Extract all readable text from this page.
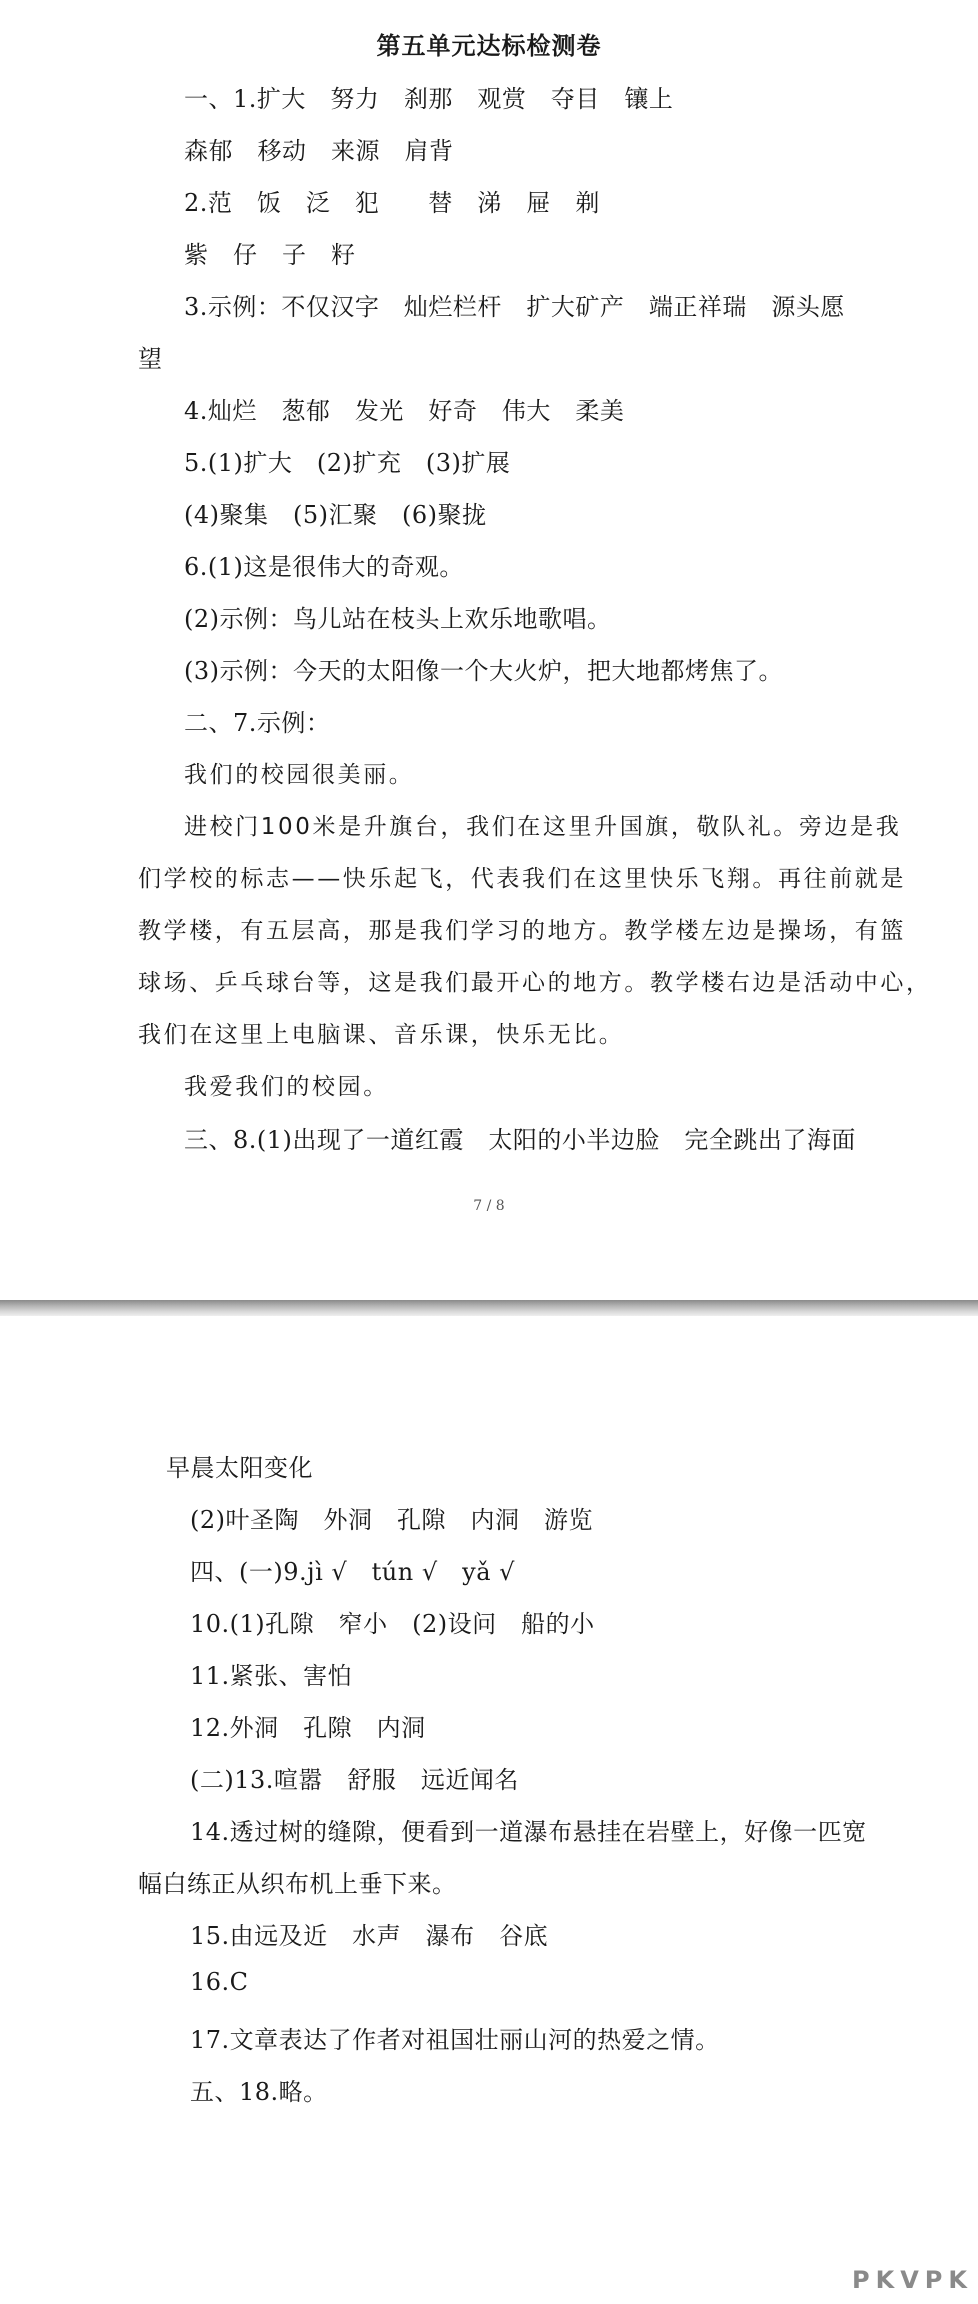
第五单元达标检测卷
一、1.扩大　努力　刹那　观赏　夺目　镶上
森郁　移动　来源　肩背
2.范　饭　泛　犯　　替　涕　屉　剃
紫　仔　子　籽
3.示例：不仅汉字　灿烂栏杆　扩大矿产　端正祥瑞　源头愿
望
4.灿烂　葱郁　发光　好奇　伟大　柔美
5.(1)扩大　(2)扩充　(3)扩展
(4)聚集　(5)汇聚　(6)聚拢
6.(1)这是很伟大的奇观。
(2)示例：鸟儿站在枝头上欢乐地歌唱。
(3)示例：今天的太阳像一个大火炉，把大地都烤焦了。
二、7.示例：
我们的校园很美丽。
进校门100米是升旗台，我们在这里升国旗，敬队礼。旁边是我
们学校的标志——快乐起飞，代表我们在这里快乐飞翔。再往前就是
教学楼，有五层高，那是我们学习的地方。教学楼左边是操场，有篮
球场、乒乓球台等，这是我们最开心的地方。教学楼右边是活动中心，
我们在这里上电脑课、音乐课，快乐无比。
我爱我们的校园。
三、8.(1)出现了一道红霞　太阳的小半边脸　完全跳出了海面
7 / 8
早晨太阳变化
(2)叶圣陶　外洞　孔隙　内洞　游览
四、(一)9.jì √　tún √　yǎ √
10.(1)孔隙　窄小　(2)设问　船的小
11.紧张、害怕
12.外洞　孔隙　内洞
(二)13.喧嚣　舒服　远近闻名
14.透过树的缝隙，便看到一道瀑布悬挂在岩壁上，好像一匹宽
幅白练正从织布机上垂下来。
15.由远及近　水声　瀑布　谷底
16.C
17.文章表达了作者对祖国壮丽山河的热爱之情。
五、18.略。
PKVPK
